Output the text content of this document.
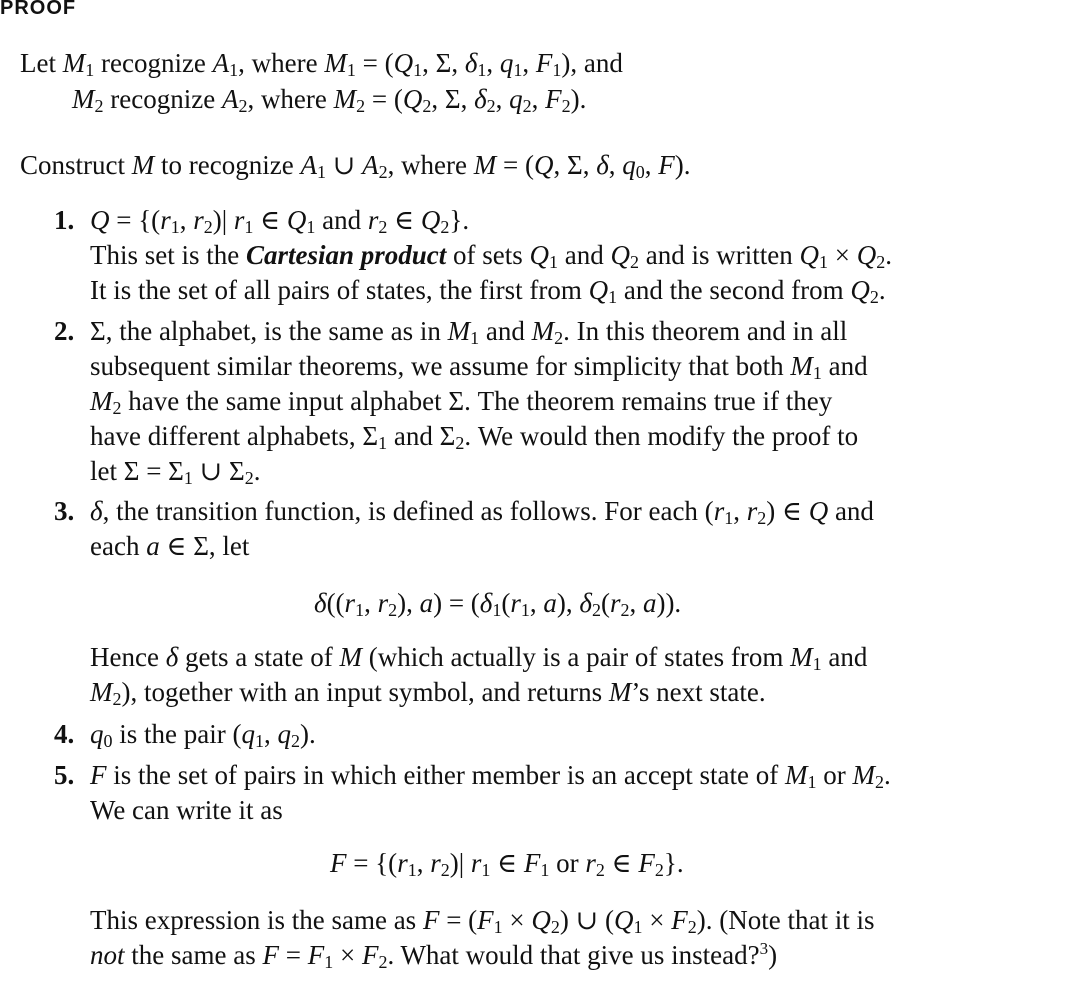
PROOF
Let $M_1$ recognize $A_1$, where $M_1 = (Q_1$, Σ, $\delta_1$, $q_1$, $F_1$), and
$M_2$ recognize $A_2$, where $M_2 = (Q_2$, Σ, $\delta_2$, $q_2$, $F_2$).
Construct M to recognize $A_1$ ∪ $A_2$, where M = (Q, Σ, δ, $q_0$, F).
1. $Q = \{(r_1$, $r_2)|$ $r_1$ ∈ $Q_1$ and $r_2$ ∈ $Q_2$}.
This set is the Cartesian product of sets $Q_1$ and $Q_2$ and is written $Q_1 \times Q_2$.
It is the set of all pairs of states, the first from $Q_1$ and the second from $Q_2$.
2. Σ, the alphabet, is the same as in $M_1$ and $M_2$. In this theorem and in all
subsequent similar theorems, we assume for simplicity that both $M_1$ and
$M_2$ have the same input alphabet Σ. The theorem remains true if they
have different alphabets, $\Sigma_1$ and $\Sigma_2$. We would then modify the proof to
let $\Sigma = \Sigma_1$ ∪ $\Sigma_2$.
3. δ, the transition function, is defined as follows. For each ($r_1$, $r_2$) ∈ Q and
each a ∈ Σ, let
$\delta((r_1$, $r_2$), $a) = (\delta_1(r_1$, a), $\delta_2(r_2$, a)).
Hence δ gets a state of M (which actually is a pair of states from $M_1$ and
$M_2$), together with an input symbol, and returns M’s next state.
4. $q_0$ is the pair ($q_1$, $q_2$).
5. F is the set of pairs in which either member is an accept state of $M_1$ or $M_2$.
We can write it as
$F = \{(r_1$, $r_2)|$ $r_1$ ∈ $F_1$ or $r_2$ ∈ $F_2$}.
This expression is the same as $F = (F_1 \times Q_2)$ ∪ $(Q_1 \times F_2)$. (Note that it is
not the same as $F = F_1 \times F_2$. What would that give us instead?$^3$)
